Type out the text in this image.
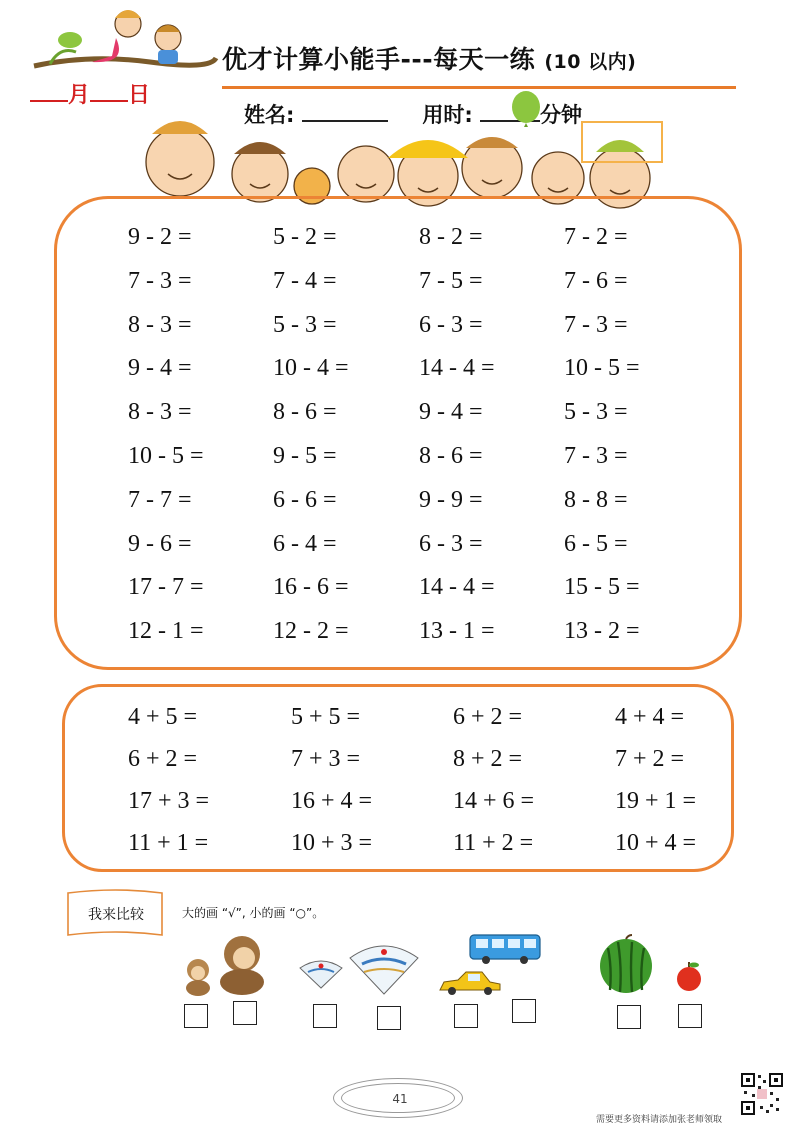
优才计算小能手---每天一练 (10 以内)
月 日
姓名:	用时:	分钟
9 - 2 =	5 - 2 =	8 - 2 =	7 - 2 =
7 - 3 =	7 - 4 =	7 - 5 =	7 - 6 =
8 - 3 =	5 - 3 =	6 - 3 =	7 - 3 =
9 - 4 =	10 - 4 =	14 - 4 =	10 - 5 =
8 - 3 =	8 - 6 =	9 - 4 =	5 - 3 =
10 - 5 =	9 - 5 =	8 - 6 =	7 - 3 =
7 - 7 =	6 - 6 =	9 - 9 =	8 - 8 =
9 - 6 =	6 - 4 =	6 - 3 =	6 - 5 =
17 - 7 =	16 - 6 =	14 - 4 =	15 - 5 =
12 - 1 =	12 - 2 =	13 - 1 =	13 - 2 =
4 + 5 =	5 + 5 =	6 + 2 =	4 + 4 =
6 + 2 =	7 + 3 =	8 + 2 =	7 + 2 =
17 + 3 =	16 + 4 =	14 + 6 =	19 + 1 =
11 + 1 =	10 + 3 =	11 + 2 =	10 + 4 =
我来比较	大的画 “√”, 小的画 “○”。
41
需要更多资料请添加张老师领取
